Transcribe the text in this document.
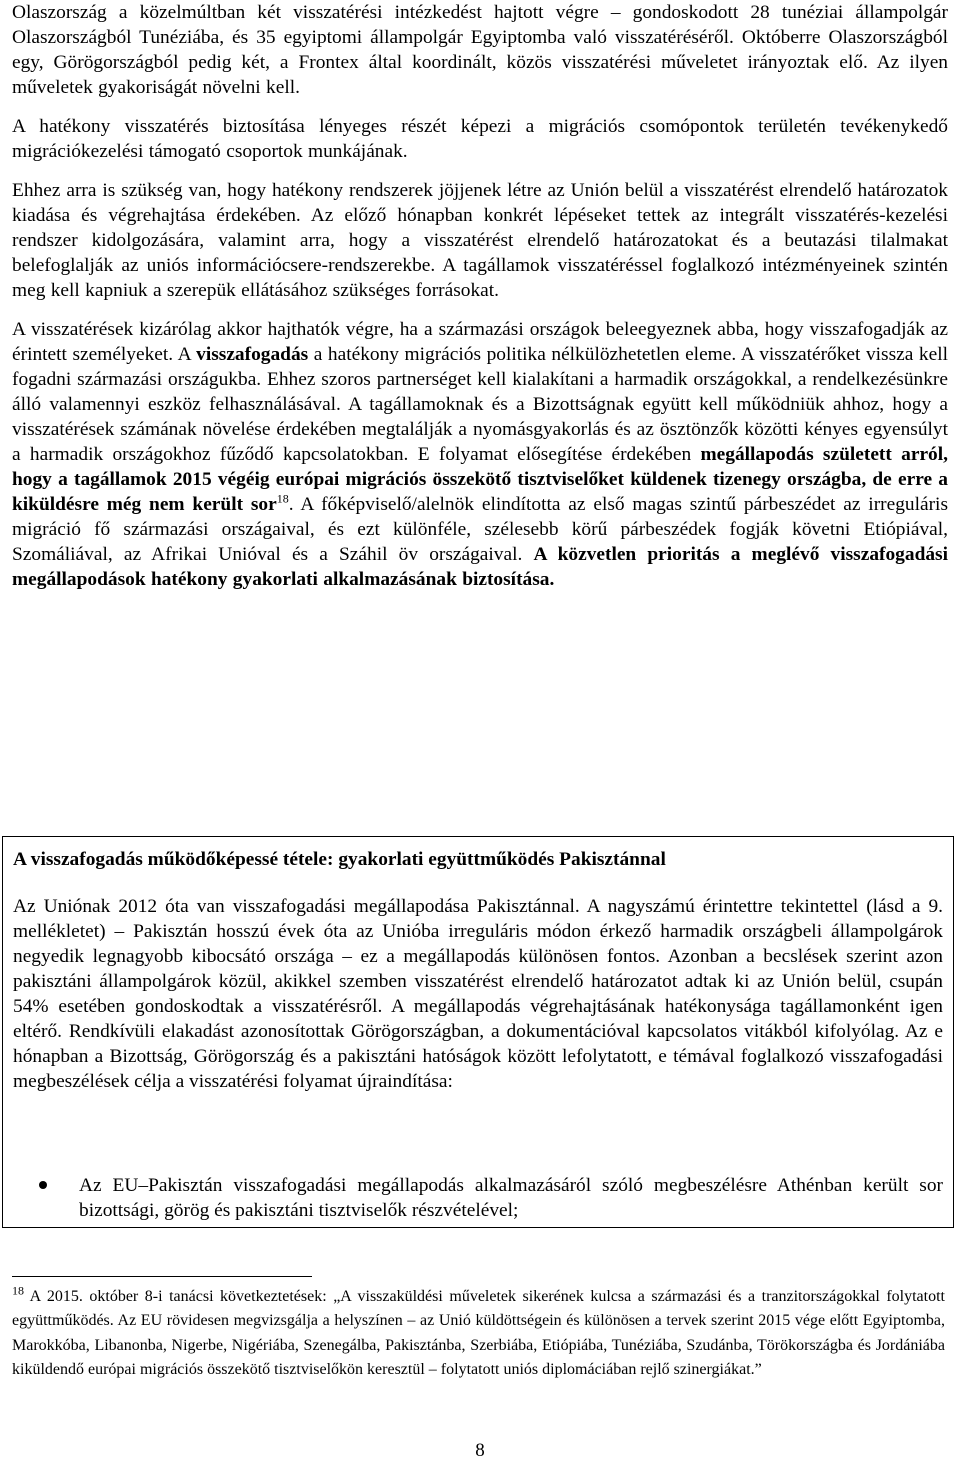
Olaszország a közelmúltban két visszatérési intézkedést hajtott végre – gondoskodott 28 tunéziai állampolgár Olaszországból Tunéziába, és 35 egyiptomi állampolgár Egyiptomba való visszatéréséről. Októberre Olaszországból egy, Görögországból pedig két, a Frontex által koordinált, közös visszatérési műveletet irányoztak elő. Az ilyen műveletek gyakoriságát növelni kell.

A hatékony visszatérés biztosítása lényeges részét képezi a migrációs csomópontok területén tevékenykedő migrációkezelési támogató csoportok munkájának.

Ehhez arra is szükség van, hogy hatékony rendszerek jöjjenek létre az Unión belül a visszatérést elrendelő határozatok kiadása és végrehajtása érdekében. Az előző hónapban konkrét lépéseket tettek az integrált visszatérés-kezelési rendszer kidolgozására, valamint arra, hogy a visszatérést elrendelő határozatokat és a beutazási tilalmakat belefoglalják az uniós információcsere-rendszerekbe. A tagállamok visszatéréssel foglalkozó intézményeinek szintén meg kell kapniuk a szerepük ellátásához szükséges forrásokat.

A visszatérések kizárólag akkor hajthatók végre, ha a származási országok beleegyeznek abba, hogy visszafogadják az érintett személyeket. A visszafogadás a hatékony migrációs politika nélkülözhetetlen eleme. A visszatérőket vissza kell fogadni származási országukba. Ehhez szoros partnerséget kell kialakítani a harmadik országokkal, a rendelkezésünkre álló valamennyi eszköz felhasználásával. A tagállamoknak és a Bizottságnak együtt kell működniük ahhoz, hogy a visszatérések számának növelése érdekében megtalálják a nyomásgyakorlás és az ösztönzők közötti kényes egyensúlyt a harmadik országokhoz fűződő kapcsolatokban. E folyamat elősegítése érdekében megállapodás született arról, hogy a tagállamok 2015 végéig európai migrációs összekötő tisztviselőket küldenek tizenegy országba, de erre a kiküldésre még nem került sor$^{18}$. A főképviselő/alelnök elindította az első magas szintű párbeszédet az irreguláris migráció fő származási országaival, és ezt különféle, szélesebb körű párbeszédek fogják követni Etiópiával, Szomáliával, az Afrikai Unióval és a Száhil öv országaival. A közvetlen prioritás a meglévő visszafogadási megállapodások hatékony gyakorlati alkalmazásának biztosítása.

A visszafogadás működőképessé tétele: gyakorlati együttműködés Pakisztánnal

Az Uniónak 2012 óta van visszafogadási megállapodása Pakisztánnal. A nagyszámú érintettre tekintettel (lásd a 9. mellékletet) – Pakisztán hosszú évek óta az Unióba irreguláris módon érkező harmadik országbeli állampolgárok negyedik legnagyobb kibocsátó országa – ez a megállapodás különösen fontos. Azonban a becslések szerint azon pakisztáni állampolgárok közül, akikkel szemben visszatérést elrendelő határozatot adtak ki az Unión belül, csupán 54% esetében gondoskodtak a visszatérésről. A megállapodás végrehajtásának hatékonysága tagállamonként igen eltérő. Rendkívüli elakadást azonosítottak Görögországban, a dokumentációval kapcsolatos vitákból kifolyólag. Az e hónapban a Bizottság, Görögország és a pakisztáni hatóságok között lefolytatott, e témával foglalkozó visszafogadási megbeszélések célja a visszatérési folyamat újraindítása:

Az EU–Pakisztán visszafogadási megállapodás alkalmazásáról szóló megbeszélésre Athénban került sor bizottsági, görög és pakisztáni tisztviselők részvételével;

$^{18}$ A 2015. október 8-i tanácsi következtetések: „A visszaküldési műveletek sikerének kulcsa a származási és a tranzitországokkal folytatott együttműködés. Az EU rövidesen megvizsgálja a helyszínen – az Unió küldöttségein és különösen a tervek szerint 2015 vége előtt Egyiptomba, Marokkóba, Libanonba, Nigerbe, Nigériába, Szenegálba, Pakisztánba, Szerbiába, Etiópiába, Tunéziába, Szudánba, Törökországba és Jordániába kiküldendő európai migrációs összekötő tisztviselőkön keresztül – folytatott uniós diplomáciában rejlő szinergiákat.”

8
